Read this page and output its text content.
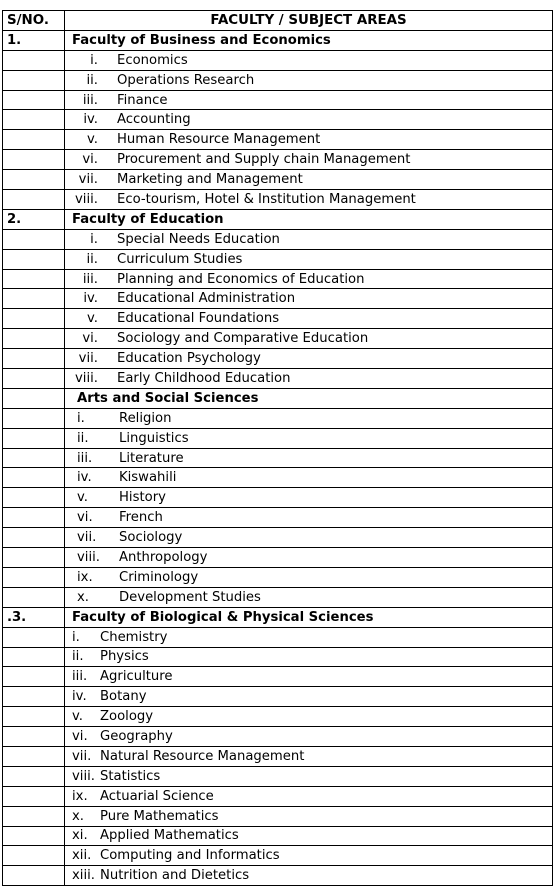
S/NO.	FACULTY / SUBJECT AREAS
1.	Faculty of Business and Economics
	i. Economics
	ii. Operations Research
	iii. Finance
	iv. Accounting
	v. Human Resource Management
	vi. Procurement and Supply chain Management
	vii. Marketing and Management
	viii. Eco-tourism, Hotel & Institution Management
2.	Faculty of Education
	i. Special Needs Education
	ii. Curriculum Studies
	iii. Planning and Economics of Education
	iv. Educational Administration
	v. Educational Foundations
	vi. Sociology and Comparative Education
	vii. Education Psychology
	viii. Early Childhood Education
	Arts and Social Sciences
	i. Religion
	ii. Linguistics
	iii. Literature
	iv. Kiswahili
	v. History
	vi. French
	vii. Sociology
	viii. Anthropology
	ix. Criminology
	x. Development Studies
.3.	Faculty of Biological & Physical Sciences
	i. Chemistry
	ii. Physics
	iii. Agriculture
	iv. Botany
	v. Zoology
	vi. Geography
	vii. Natural Resource Management
	viii. Statistics
	ix. Actuarial Science
	x. Pure Mathematics
	xi. Applied Mathematics
	xii. Computing and Informatics
	xiii. Nutrition and Dietetics
